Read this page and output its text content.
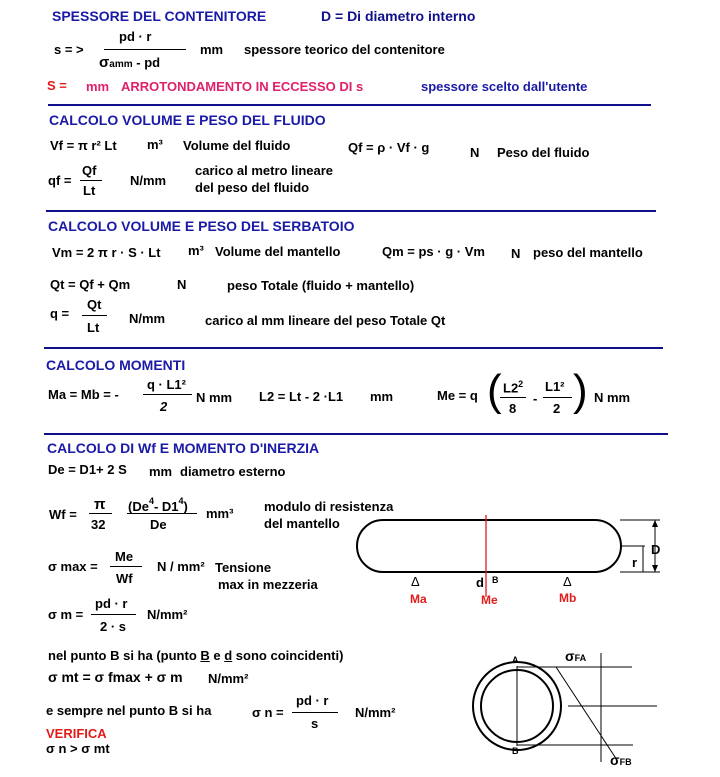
SPESSORE DEL CONTENITORE	D = Di diametro interno
s = >
pd · r
σamm - pd
mm spessore teorico del contenitore
S = mm ARROTONDAMENTO IN ECCESSO DI s	spessore scelto dall'utente
CALCOLO VOLUME E PESO DEL FLUIDO
Vf = π r² Lt m³ Volume del fluido	Qf = ρ · Vf · g	N Peso del fluido
qf =
Qf
Lt
N/mm
carico al metro lineare
del peso del fluido
CALCOLO VOLUME E PESO DEL SERBATOIO
Vm = 2 π r · S · Lt m³ Volume del mantello	Qm = ps · g · Vm N peso del mantello
Qt = Qf + Qm	N	peso Totale (fluido + mantello)
q =
Qt
Lt
N/mm	carico al mm lineare del peso Totale Qt
CALCOLO MOMENTI
Ma = Mb = -
q · L1²
2
N mm L2 = Lt - 2 ·L1 mm	Me = q ( $L2^2$
8
-
L1²
2 ) N mm
CALCOLO DI Wf E MOMENTO D'INERZIA
De = D1+ 2 S mm diametro esterno
Wf =
π
32
(De$^4$- $D1^4$)
De
mm³ modulo di resistenza
del mantello
σ max =
Me
Wf
N / mm² Tensione
max in mezzeria
σ m =
pd · r
2 · s
N/mm²
nel punto B si ha (punto B e d sono coincidenti)
σ mt = σ fmax + σ m N/mm²
e sempre nel punto B si ha	σ n =
pd · r
s
N/mm²
VERIFICA
σ n > σ mt
D
r
Δ	Δ
d B
Ma	Me	Mb
A
B
σFA
σFB
